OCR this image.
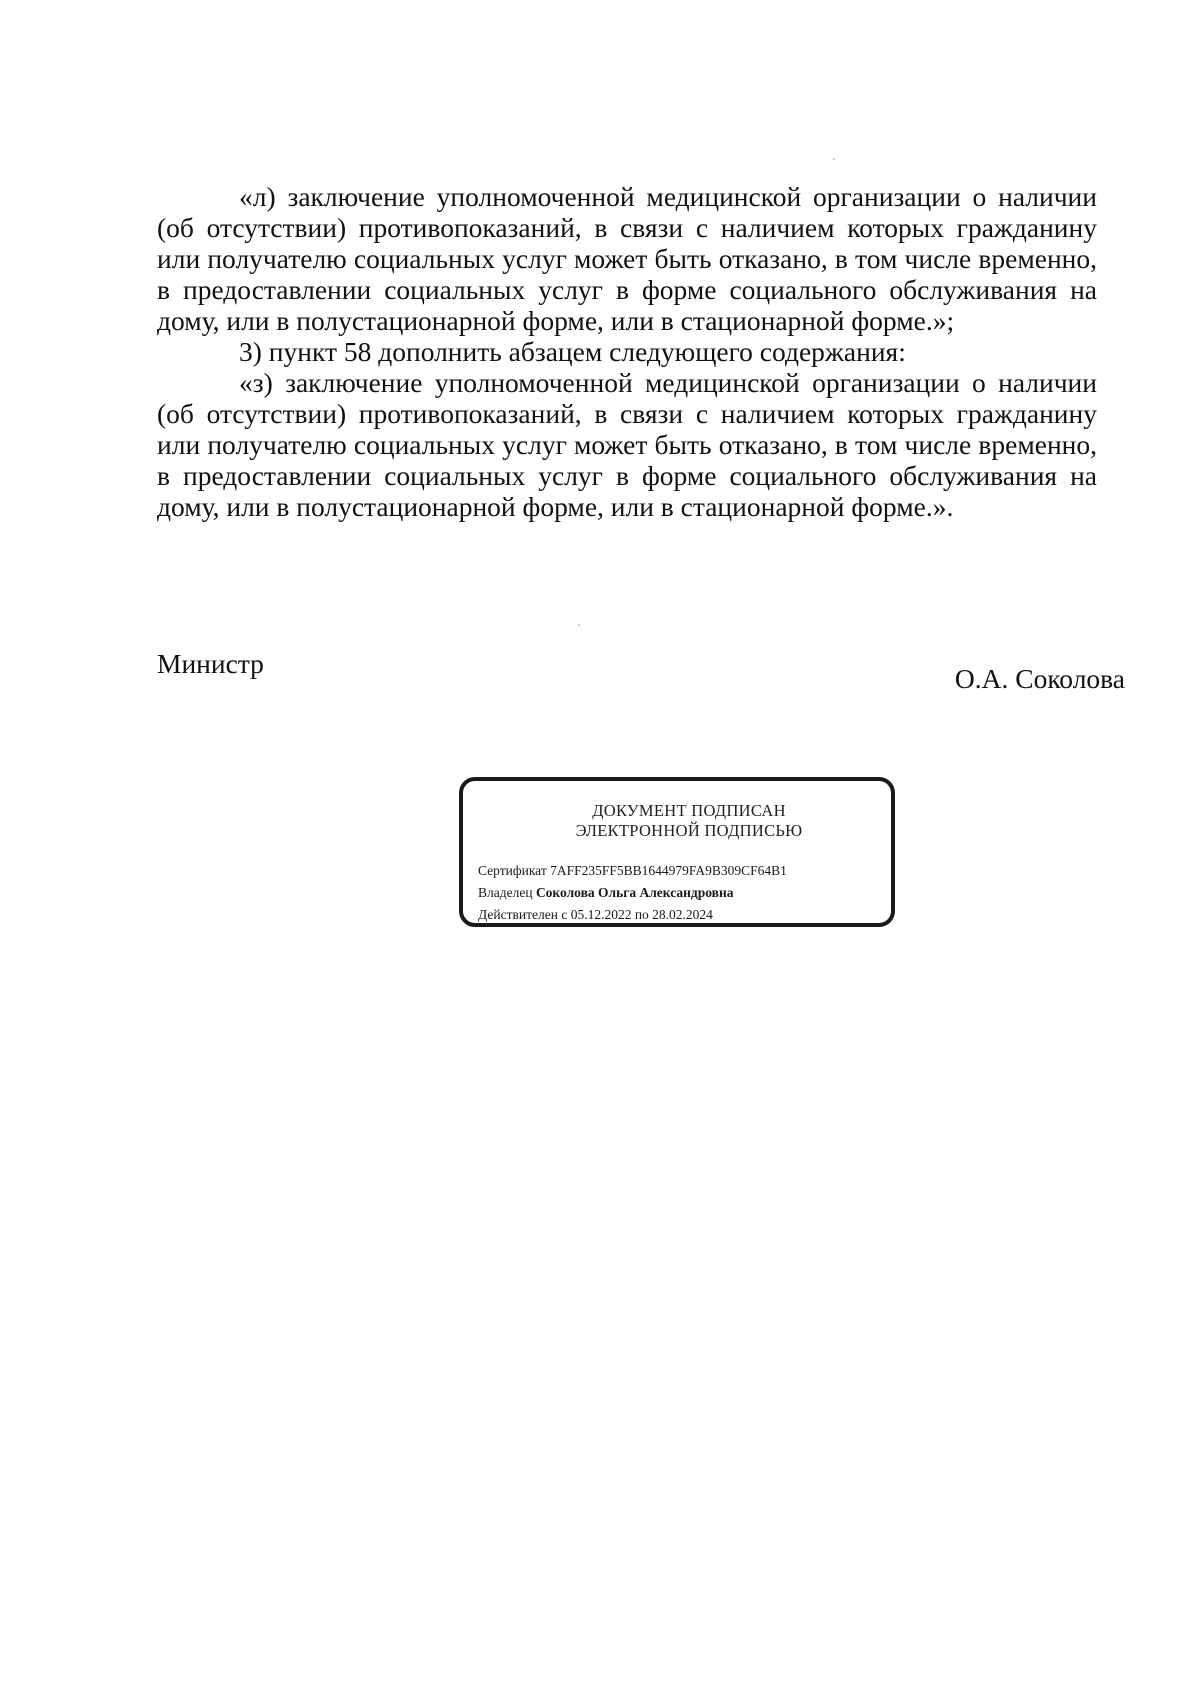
«л) заключение уполномоченной медицинской организации о наличии (об отсутствии) противопоказаний, в связи с наличием которых гражданину или получателю социальных услуг может быть отказано, в том числе временно, в предоставлении социальных услуг в форме социального обслуживания на дому, или в полустационарной форме, или в стационарной форме.»;

3) пункт 58 дополнить абзацем следующего содержания:

«з) заключение уполномоченной медицинской организации о наличии (об отсутствии) противопоказаний, в связи с наличием которых гражданину или получателю социальных услуг может быть отказано, в том числе временно, в предоставлении социальных услуг в форме социального обслуживания на дому, или в полустационарной форме, или в стационарной форме.».

Министр	О.А. Соколова
ДОКУМЕНТ ПОДПИСАН
ЭЛЕКТРОННОЙ ПОДПИСЬЮ
Сертификат 7AFF235FF5BB1644979FA9B309CF64B1
Владелец Соколова Ольга Александровна
Действителен с 05.12.2022 по 28.02.2024
